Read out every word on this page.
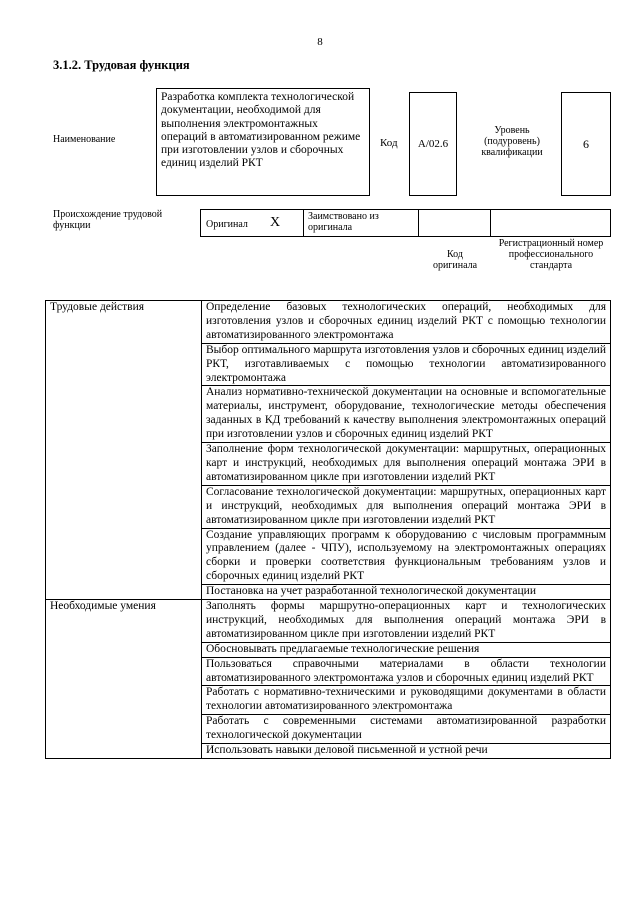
8
3.1.2. Трудовая функция
Наименование
Разработка комплекта технологической документации, необходимой для выполнения электромонтажных операций в автоматизированном режиме при изготовлении узлов и сборочных единиц изделий РКТ
Код А/02.6
Уровень (подуровень) квалификации
6
Происхождение трудовой функции	Оригинал X	Заимствовано из оригинала
Код оригинала
Регистрационный номер профессионального стандарта
Трудовые действия	Определение базовых технологических операций, необходимых для изготовления узлов и сборочных единиц изделий РКТ с помощью технологии автоматизированного электромонтажа
	Выбор оптимального маршрута изготовления узлов и сборочных единиц изделий РКТ, изготавливаемых с помощью технологии автоматизированного электромонтажа
	Анализ нормативно-технической документации на основные и вспомогательные материалы, инструмент, оборудование, технологические методы обеспечения заданных в КД требований к качеству выполнения электромонтажных операций при изготовлении узлов и сборочных единиц изделий РКТ
	Заполнение форм технологической документации: маршрутных, операционных карт и инструкций, необходимых для выполнения операций монтажа ЭРИ в автоматизированном цикле при изготовлении изделий РКТ
	Согласование технологической документации: маршрутных, операционных карт и инструкций, необходимых для выполнения операций монтажа ЭРИ в автоматизированном цикле при изготовлении изделий РКТ
	Создание управляющих программ к оборудованию с числовым программным управлением (далее - ЧПУ), используемому на электромонтажных операциях сборки и проверки соответствия функциональным требованиям узлов и сборочных единиц изделий РКТ
	Постановка на учет разработанной технологической документации
Необходимые умения	Заполнять формы маршрутно-операционных карт и технологических инструкций, необходимых для выполнения операций монтажа ЭРИ в автоматизированном цикле при изготовлении изделий РКТ
	Обосновывать предлагаемые технологические решения
	Пользоваться справочными материалами в области технологии автоматизированного электромонтажа узлов и сборочных единиц изделий РКТ
	Работать с нормативно-техническими и руководящими документами в области технологии автоматизированного электромонтажа
	Работать с современными системами автоматизированной разработки технологической документации
	Использовать навыки деловой письменной и устной речи
